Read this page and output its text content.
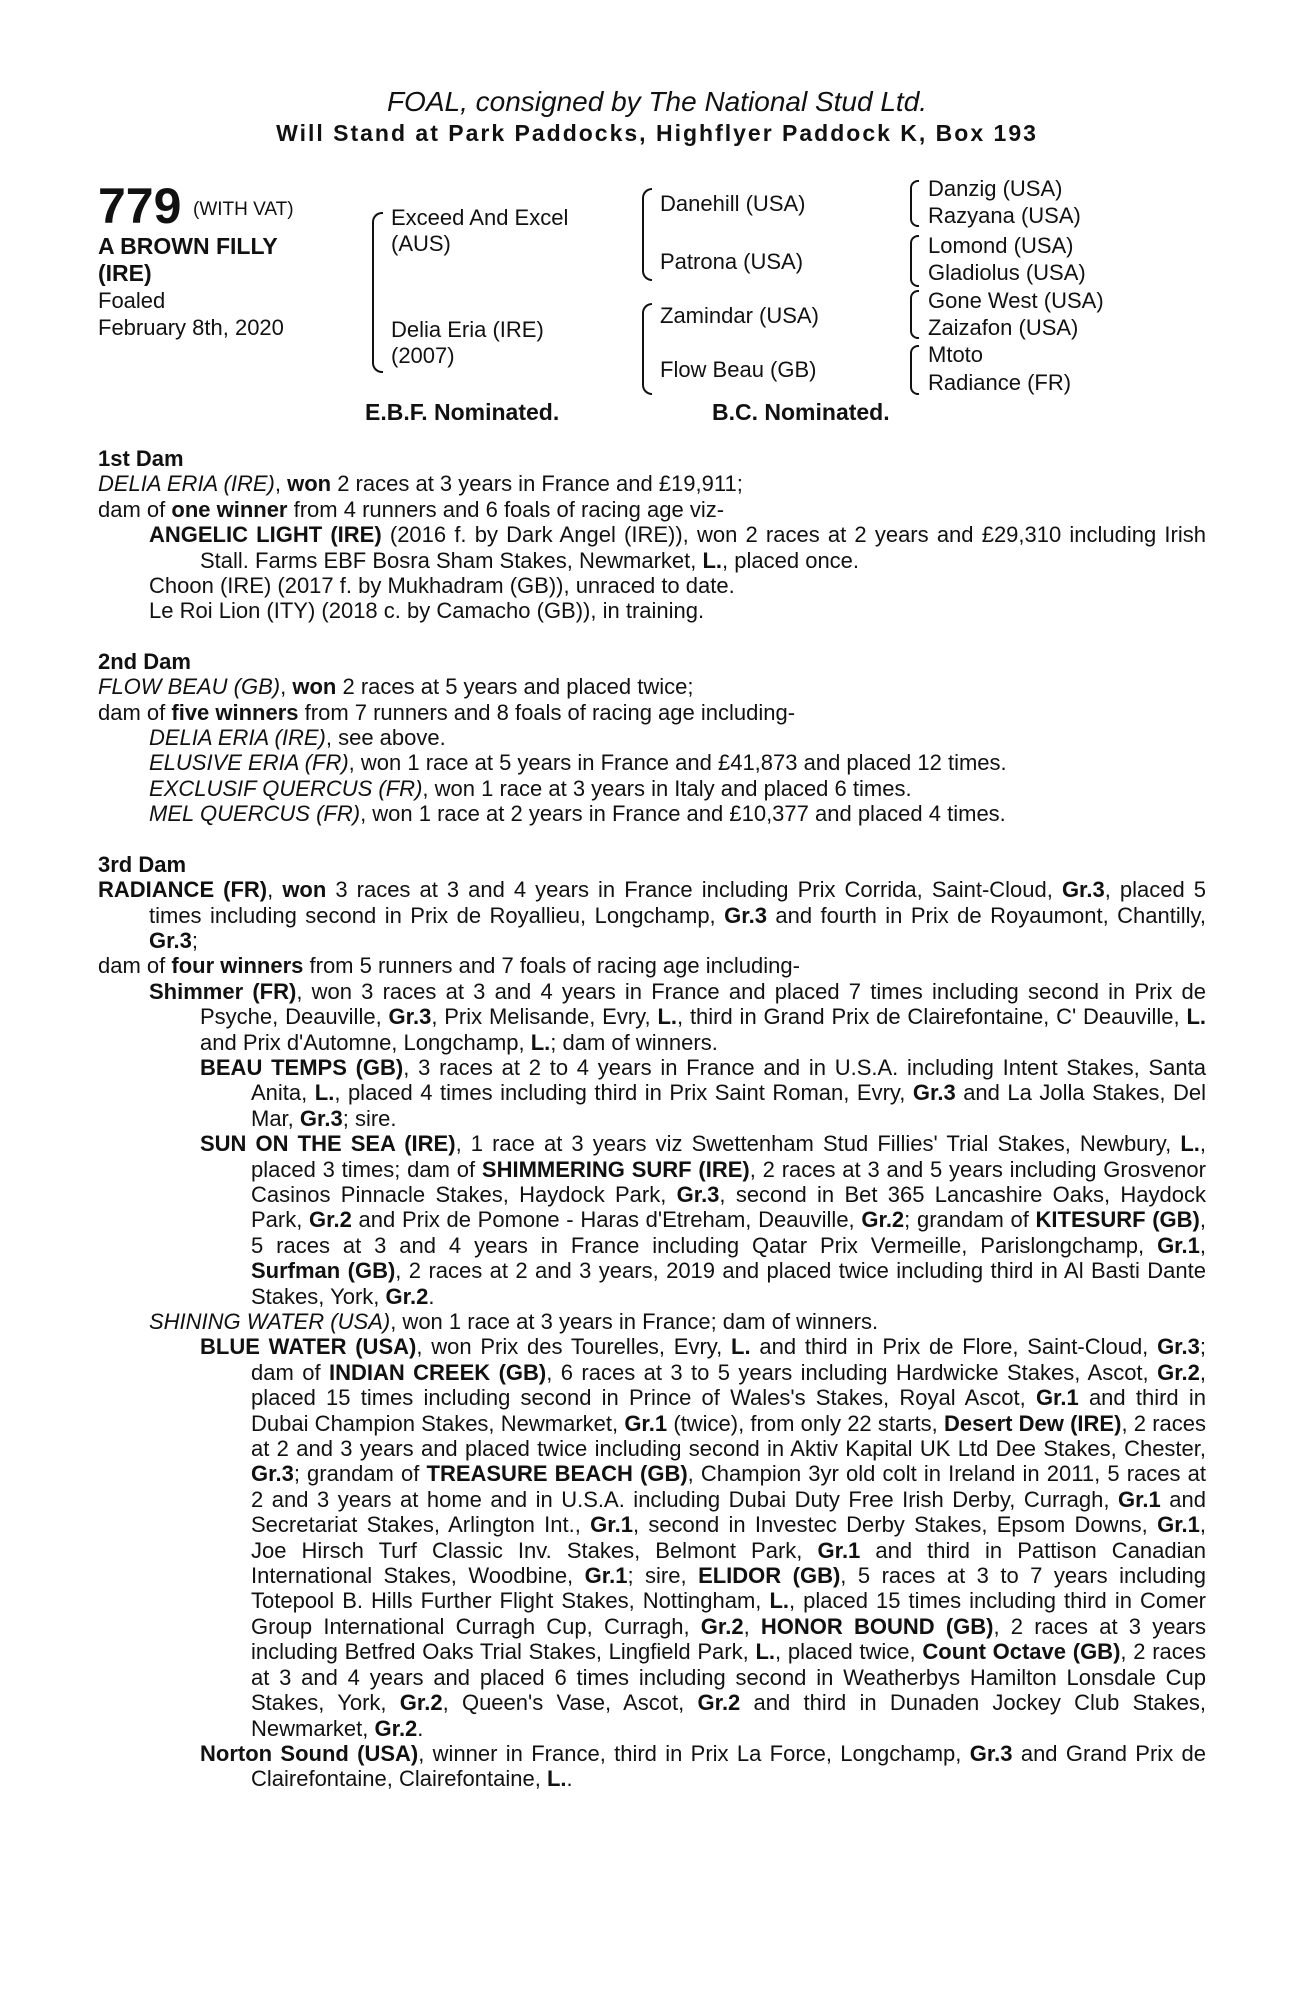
FOAL, consigned by The National Stud Ltd.
Will Stand at Park Paddocks, Highflyer Paddock K, Box 193
779 (WITH VAT)
A BROWN FILLY
(IRE)
Foaled
February 8th, 2020
Exceed And Excel
(AUS)
Delia Eria (IRE)
(2007)
Danehill (USA)
Patrona (USA)
Zamindar (USA)
Flow Beau (GB)
Danzig (USA)
Razyana (USA)
Lomond (USA)
Gladiolus (USA)
Gone West (USA)
Zaizafon (USA)
Mtoto
Radiance (FR)
E.B.F. Nominated.	B.C. Nominated.

1st Dam

DELIA ERIA (IRE), won 2 races at 3 years in France and £19,911;

dam of one winner from 4 runners and 6 foals of racing age viz-

ANGELIC LIGHT (IRE) (2016 f. by Dark Angel (IRE)), won 2 races at 2 years and £29,310 including Irish Stall. Farms EBF Bosra Sham Stakes, Newmarket, L., placed once.

Choon (IRE) (2017 f. by Mukhadram (GB)), unraced to date.

Le Roi Lion (ITY) (2018 c. by Camacho (GB)), in training.

2nd Dam

FLOW BEAU (GB), won 2 races at 5 years and placed twice;

dam of five winners from 7 runners and 8 foals of racing age including-

DELIA ERIA (IRE), see above.

ELUSIVE ERIA (FR), won 1 race at 5 years in France and £41,873 and placed 12 times.

EXCLUSIF QUERCUS (FR), won 1 race at 3 years in Italy and placed 6 times.

MEL QUERCUS (FR), won 1 race at 2 years in France and £10,377 and placed 4 times.

3rd Dam

RADIANCE (FR), won 3 races at 3 and 4 years in France including Prix Corrida, Saint-Cloud, Gr.3, placed 5 times including second in Prix de Royallieu, Longchamp, Gr.3 and fourth in Prix de Royaumont, Chantilly, Gr.3;

dam of four winners from 5 runners and 7 foals of racing age including-

Shimmer (FR), won 3 races at 3 and 4 years in France and placed 7 times including second in Prix de Psyche, Deauville, Gr.3, Prix Melisande, Evry, L., third in Grand Prix de Clairefontaine, C' Deauville, L. and Prix d'Automne, Longchamp, L.; dam of winners.

BEAU TEMPS (GB), 3 races at 2 to 4 years in France and in U.S.A. including Intent Stakes, Santa Anita, L., placed 4 times including third in Prix Saint Roman, Evry, Gr.3 and La Jolla Stakes, Del Mar, Gr.3; sire.

SUN ON THE SEA (IRE), 1 race at 3 years viz Swettenham Stud Fillies' Trial Stakes, Newbury, L., placed 3 times; dam of SHIMMERING SURF (IRE), 2 races at 3 and 5 years including Grosvenor Casinos Pinnacle Stakes, Haydock Park, Gr.3, second in Bet 365 Lancashire Oaks, Haydock Park, Gr.2 and Prix de Pomone - Haras d'Etreham, Deauville, Gr.2; grandam of KITESURF (GB), 5 races at 3 and 4 years in France including Qatar Prix Vermeille, Parislongchamp, Gr.1, Surfman (GB), 2 races at 2 and 3 years, 2019 and placed twice including third in Al Basti Dante Stakes, York, Gr.2.

SHINING WATER (USA), won 1 race at 3 years in France; dam of winners.

BLUE WATER (USA), won Prix des Tourelles, Evry, L. and third in Prix de Flore, Saint-Cloud, Gr.3; dam of INDIAN CREEK (GB), 6 races at 3 to 5 years including Hardwicke Stakes, Ascot, Gr.2, placed 15 times including second in Prince of Wales's Stakes, Royal Ascot, Gr.1 and third in Dubai Champion Stakes, Newmarket, Gr.1 (twice), from only 22 starts, Desert Dew (IRE), 2 races at 2 and 3 years and placed twice including second in Aktiv Kapital UK Ltd Dee Stakes, Chester, Gr.3; grandam of TREASURE BEACH (GB), Champion 3yr old colt in Ireland in 2011, 5 races at 2 and 3 years at home and in U.S.A. including Dubai Duty Free Irish Derby, Curragh, Gr.1 and Secretariat Stakes, Arlington Int., Gr.1, second in Investec Derby Stakes, Epsom Downs, Gr.1, Joe Hirsch Turf Classic Inv. Stakes, Belmont Park, Gr.1 and third in Pattison Canadian International Stakes, Woodbine, Gr.1; sire, ELIDOR (GB), 5 races at 3 to 7 years including Totepool B. Hills Further Flight Stakes, Nottingham, L., placed 15 times including third in Comer Group International Curragh Cup, Curragh, Gr.2, HONOR BOUND (GB), 2 races at 3 years including Betfred Oaks Trial Stakes, Lingfield Park, L., placed twice, Count Octave (GB), 2 races at 3 and 4 years and placed 6 times including second in Weatherbys Hamilton Lonsdale Cup Stakes, York, Gr.2, Queen's Vase, Ascot, Gr.2 and third in Dunaden Jockey Club Stakes, Newmarket, Gr.2.

Norton Sound (USA), winner in France, third in Prix La Force, Longchamp, Gr.3 and Grand Prix de Clairefontaine, Clairefontaine, L..
